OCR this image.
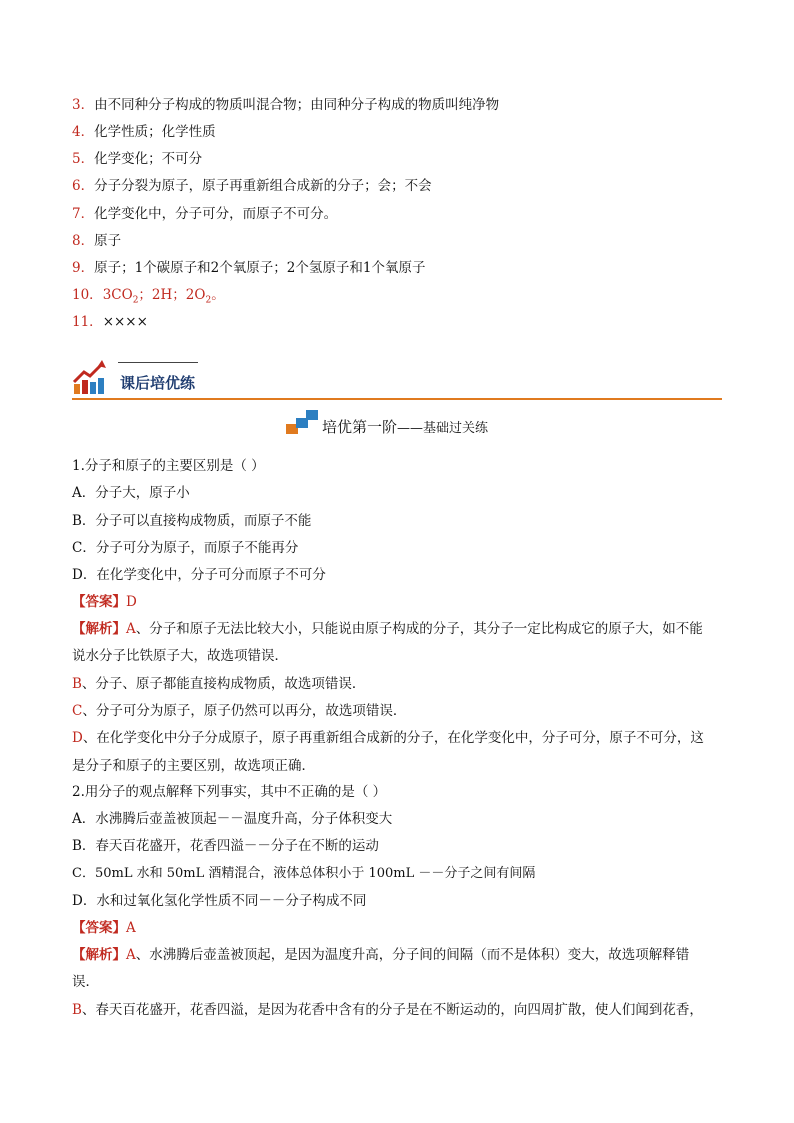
3．由不同种分子构成的物质叫混合物；由同种分子构成的物质叫纯净物
4．化学性质；化学性质
5．化学变化；不可分
6．分子分裂为原子，原子再重新组合成新的分子；会；不会
7．化学变化中，分子可分，而原子不可分。
8．原子
9．原子；1个碳原子和2个氧原子；2个氢原子和1个氧原子
10．$3CO_2$；2H；$2O_2$。
11．××××
课后培优练
培优第一阶——基础过关练
1.分子和原子的主要区别是（ ）
A．分子大，原子小
B．分子可以直接构成物质，而原子不能
C．分子可分为原子，而原子不能再分
D．在化学变化中，分子可分而原子不可分
【答案】D
【解析】A、分子和原子无法比较大小，只能说由原子构成的分子，其分子一定比构成它的原子大，如不能
说水分子比铁原子大，故选项错误．
B、分子、原子都能直接构成物质，故选项错误．
C、分子可分为原子，原子仍然可以再分，故选项错误．
D、在化学变化中分子分成原子，原子再重新组合成新的分子，在化学变化中，分子可分，原子不可分，这
是分子和原子的主要区别，故选项正确．
2.用分子的观点解释下列事实，其中不正确的是（ ）
A．水沸腾后壶盖被顶起－－温度升高，分子体积变大
B．春天百花盛开，花香四溢－－分子在不断的运动
C．50mL 水和 50mL 酒精混合，液体总体积小于 100mL －－分子之间有间隔
D．水和过氧化氢化学性质不同－－分子构成不同
【答案】A
【解析】A、水沸腾后壶盖被顶起，是因为温度升高，分子间的间隔（而不是体积）变大，故选项解释错
误．
B、春天百花盛开，花香四溢，是因为花香中含有的分子是在不断运动的，向四周扩散，使人们闻到花香，
